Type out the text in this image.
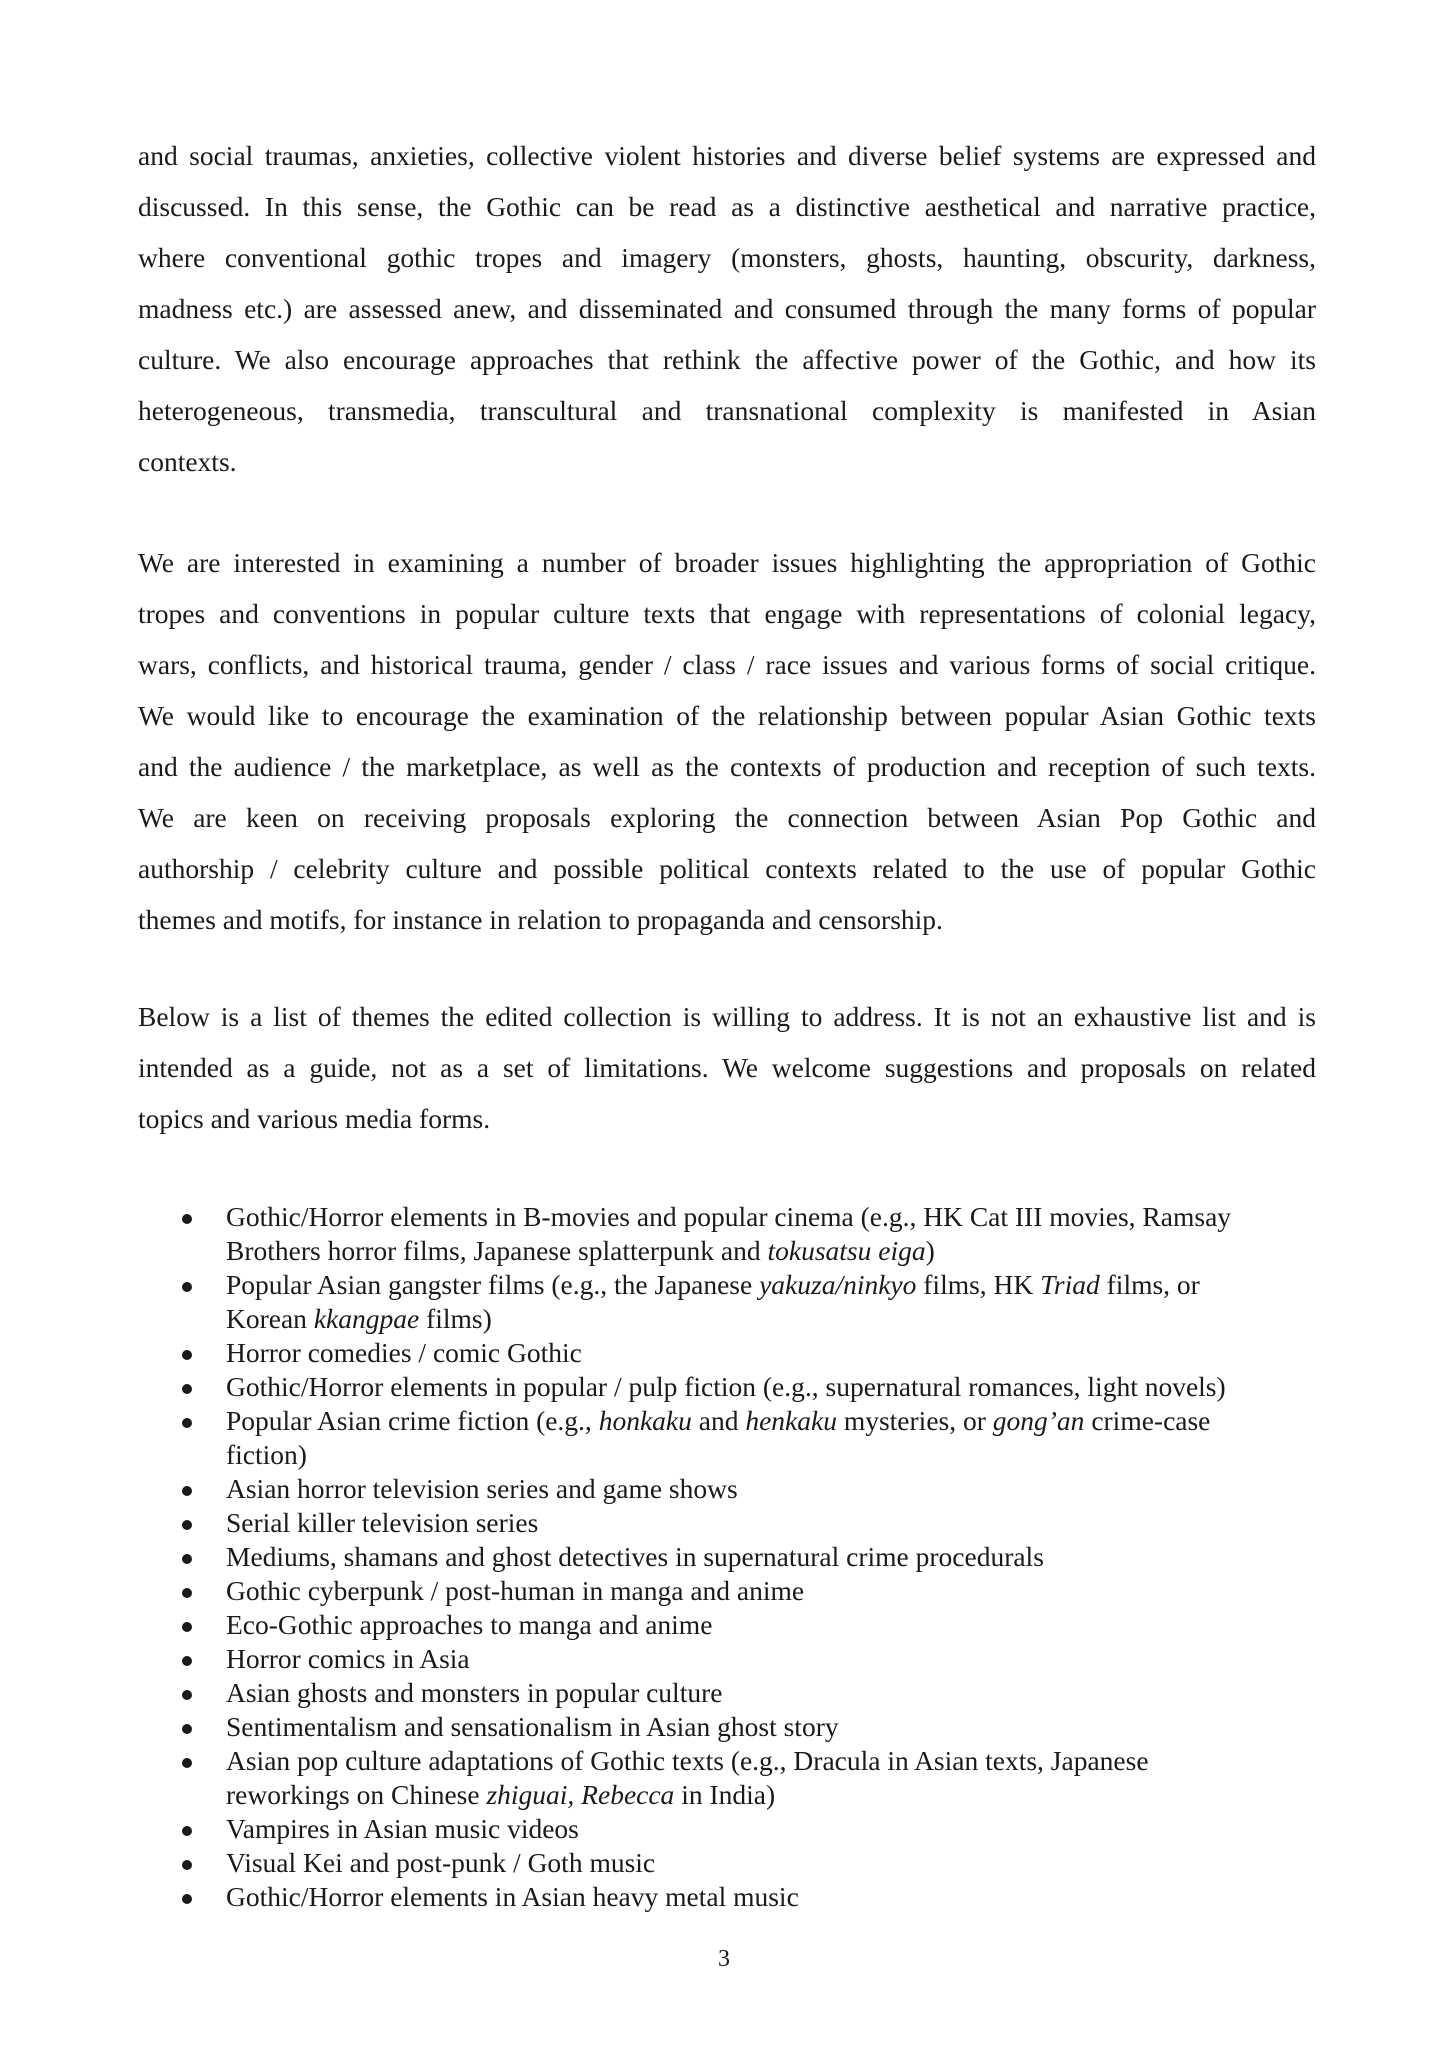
and social traumas, anxieties, collective violent histories and diverse belief systems are expressed and
discussed. In this sense, the Gothic can be read as a distinctive aesthetical and narrative practice,
where conventional gothic tropes and imagery (monsters, ghosts, haunting, obscurity, darkness,
madness etc.) are assessed anew, and disseminated and consumed through the many forms of popular
culture. We also encourage approaches that rethink the affective power of the Gothic, and how its
heterogeneous, transmedia, transcultural and transnational complexity is manifested in Asian
contexts.

We are interested in examining a number of broader issues highlighting the appropriation of Gothic
tropes and conventions in popular culture texts that engage with representations of colonial legacy,
wars, conflicts, and historical trauma, gender / class / race issues and various forms of social critique.
We would like to encourage the examination of the relationship between popular Asian Gothic texts
and the audience / the marketplace, as well as the contexts of production and reception of such texts.
We are keen on receiving proposals exploring the connection between Asian Pop Gothic and
authorship / celebrity culture and possible political contexts related to the use of popular Gothic
themes and motifs, for instance in relation to propaganda and censorship.

Below is a list of themes the edited collection is willing to address. It is not an exhaustive list and is
intended as a guide, not as a set of limitations. We welcome suggestions and proposals on related
topics and various media forms.

Gothic/Horror elements in B-movies and popular cinema (e.g., HK Cat III movies, Ramsay
Brothers horror films, Japanese splatterpunk and tokusatsu eiga)
Popular Asian gangster films (e.g., the Japanese yakuza/ninkyo films, HK Triad films, or
Korean kkangpae films)
Horror comedies / comic Gothic
Gothic/Horror elements in popular / pulp fiction (e.g., supernatural romances, light novels)
Popular Asian crime fiction (e.g., honkaku and henkaku mysteries, or gong’an crime-case
fiction)
Asian horror television series and game shows
Serial killer television series
Mediums, shamans and ghost detectives in supernatural crime procedurals
Gothic cyberpunk / post-human in manga and anime
Eco-Gothic approaches to manga and anime
Horror comics in Asia
Asian ghosts and monsters in popular culture
Sentimentalism and sensationalism in Asian ghost story
Asian pop culture adaptations of Gothic texts (e.g., Dracula in Asian texts, Japanese
reworkings on Chinese zhiguai, Rebecca in India)
Vampires in Asian music videos
Visual Kei and post-punk / Goth music
Gothic/Horror elements in Asian heavy metal music
3
